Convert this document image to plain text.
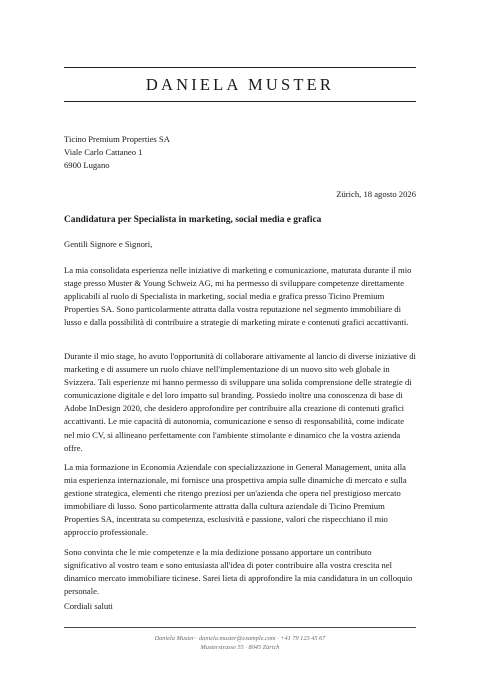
DANIELA MUSTER
Ticino Premium Properties SA
Viale Carlo Cattaneo 1
6900 Lugano
Zürich, 18 agosto 2026
Candidatura per Specialista in marketing, social media e grafica
Gentili Signore e Signori,
La mia consolidata esperienza nelle iniziative di marketing e comunicazione, maturata durante il mio stage presso Muster & Young Schweiz AG, mi ha permesso di sviluppare competenze direttamente applicabili al ruolo di Specialista in marketing, social media e grafica presso Ticino Premium Properties SA. Sono particolarmente attratta dalla vostra reputazione nel segmento immobiliare di lusso e dalla possibilità di contribuire a strategie di marketing mirate e contenuti grafici accattivanti.
Durante il mio stage, ho avuto l'opportunità di collaborare attivamente al lancio di diverse iniziative di marketing e di assumere un ruolo chiave nell'implementazione di un nuovo sito web globale in Svizzera. Tali esperienze mi hanno permesso di sviluppare una solida comprensione delle strategie di comunicazione digitale e del loro impatto sul branding. Possiedo inoltre una conoscenza di base di Adobe InDesign 2020, che desidero approfondire per contribuire alla creazione di contenuti grafici accattivanti. Le mie capacità di autonomia, comunicazione e senso di responsabilità, come indicate nel mio CV, si allineano perfettamente con l'ambiente stimolante e dinamico che la vostra azienda offre.
La mia formazione in Economia Aziendale con specializzazione in General Management, unita alla mia esperienza internazionale, mi fornisce una prospettiva ampia sulle dinamiche di mercato e sulla gestione strategica, elementi che ritengo preziosi per un'azienda che opera nel prestigioso mercato immobiliare di lusso. Sono particolarmente attratta dalla cultura aziendale di Ticino Premium Properties SA, incentrata su competenza, esclusività e passione, valori che rispecchiano il mio approccio professionale.
Sono convinta che le mie competenze e la mia dedizione possano apportare un contributo significativo al vostro team e sono entusiasta all'idea di poter contribuire alla vostra crescita nel dinamico mercato immobiliare ticinese. Sarei lieta di approfondire la mia candidatura in un colloquio personale.
Cordiali saluti
Daniela Muster · daniela.muster@example.com · +41 79 123 45 67
Musterstrasse 55 · 8045 Zürich
